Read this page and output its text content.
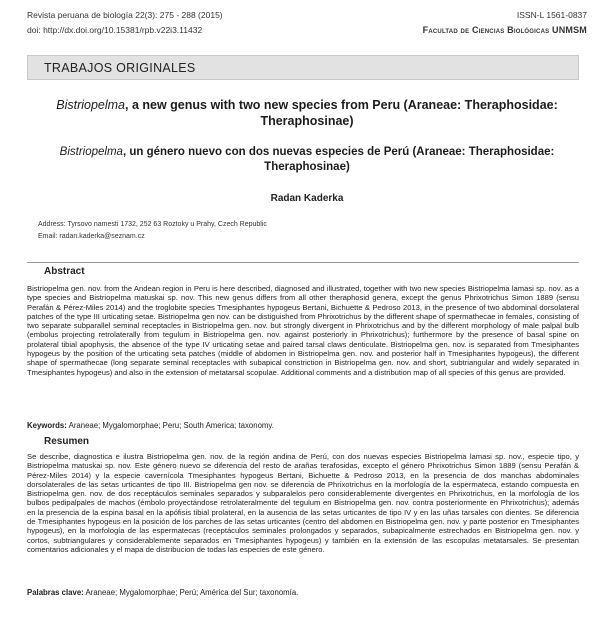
Revista peruana de biología 22(3): 275 - 288 (2015)
doi: http://dx.doi.org/10.15381/rpb.v22i3.11432
ISSN-L 1561-0837
Facultad de Ciencias Biológicas UNMSM
TRABAJOS ORIGINALES
Bistriopelma, a new genus with two new species from Peru (Araneae: Theraphosidae: Theraphosinae)
Bistriopelma, un género nuevo con dos nuevas especies de Perú (Araneae: Theraphosidae: Theraphosinae)
Radan Kaderka
Address: Tyrsovo namesti 1732, 252 63 Roztoky u Prahy, Czech Republic
Email: radan.kaderka@seznam.cz
Abstract
Bistriopelma gen. nov. from the Andean region in Peru is here described, diagnosed and illustrated, together with two new species Bistriopelma lamasi sp. nov. as a type species and Bistriopelma matuskai sp. nov. This new genus differs from all other theraphosid genera, except the genus Phrixotrichus Simon 1889 (sensu Perafán & Pérez-Miles 2014) and the troglobite species Tmesiphantes hypogeus Bertani, Bichuette & Pedroso 2013, in the presence of two abdominal dorsolateral patches of the type III urticating setae. Bistriopelma gen nov. can be distiguished from Phrixotrichus by the different shape of spermathecae in females, consisting of two separate subparallel seminal receptacles in Bistriopelma gen. nov. but strongly divergent in Phrixotrichus and by the different morphology of male palpal bulb (embolus projecting retrolaterally from tegulum in Bistriopelma gen. nov. against posteriorly in Phrixotrichus); furthermore by the presence of basal spine on prolateral tibial apophysis, the absence of the type IV urticating setae and paired tarsal claws denticulate. Bistriopelma gen. nov. is separated from Tmesiphantes hypogeus by the position of the urticating seta patches (middle of abdomen in Bistriopelma gen. nov. and posterior half in Tmesiphantes hypogeus), the different shape of spermathecae (long separate seminal receptacles with subapical constriction in Bistriopelma gen. nov. and short, subtriangular and widely separated in Tmesiphantes hypogeus) and also in the extension of metatarsal scopulae. Additional comments and a distribution map of all species of this genus are provided.
Keywords: Araneae; Mygalomorphae; Peru; South America; taxonomy.
Resumen
Se describe, diagnostica e ilustra Bistriopelma gen. nov. de la región andina de Perú, con dos nuevas especies Bistriopelma lamasi sp. nov., especie tipo, y Bistriopelma matuskai sp. nov. Este género nuevo se diferencia del resto de arañas terafosidas, excepto el género Phrixotrichus Simon 1889 (sensu Perafán & Pérez-Miles 2014) y la especie cavernícola Tmesiphantes hypogeus Bertani, Bichuette & Pedroso 2013, en la presencia de dos manchas abdominales dorsolaterales de las setas urticantes de tipo III. Bistriopelma gen nov. se diferencia de Phrixotrichus en la morfología de la espermateca, estando compuesta en Bistriopelma gen. nov. de dos receptáculos seminales separados y subparalelos pero considerablemente divergentes en Phrixotrichus, en la morfología de los bulbos pedipalpales de machos (émbolo proyectándose retrolateralmente del tegulum en Bistriopelma gen. nov. contra posteriormente en Phrixotrichus); además en la presencia de la espina basal en la apófisis tibial prolateral, en la ausencia de las setas urticantes de tipo IV y en las uñas tarsales con dientes. Se diferencia de Tmesiphantes hypogeus en la posición de los parches de las setas urticantes (centro del abdomen en Bistriopelma gen. nov. y parte posterior en Tmesiphantes hypogeus), en la morfología de las espermatecas (receptáculos seminales prolongados y separados, subapicalmente estrechados en Bistriopelma gen. nov. y cortos, subtriangulares y considerablemente separados en Tmesiphantes hypogeus) y también en la extensión de las escopulas metatarsales. Se presentan comentarios adicionales y el mapa de distribucion de todas las especies de este género.
Palabras clave: Araneae; Mygalomorphae; Perú; América del Sur; taxonomía.
